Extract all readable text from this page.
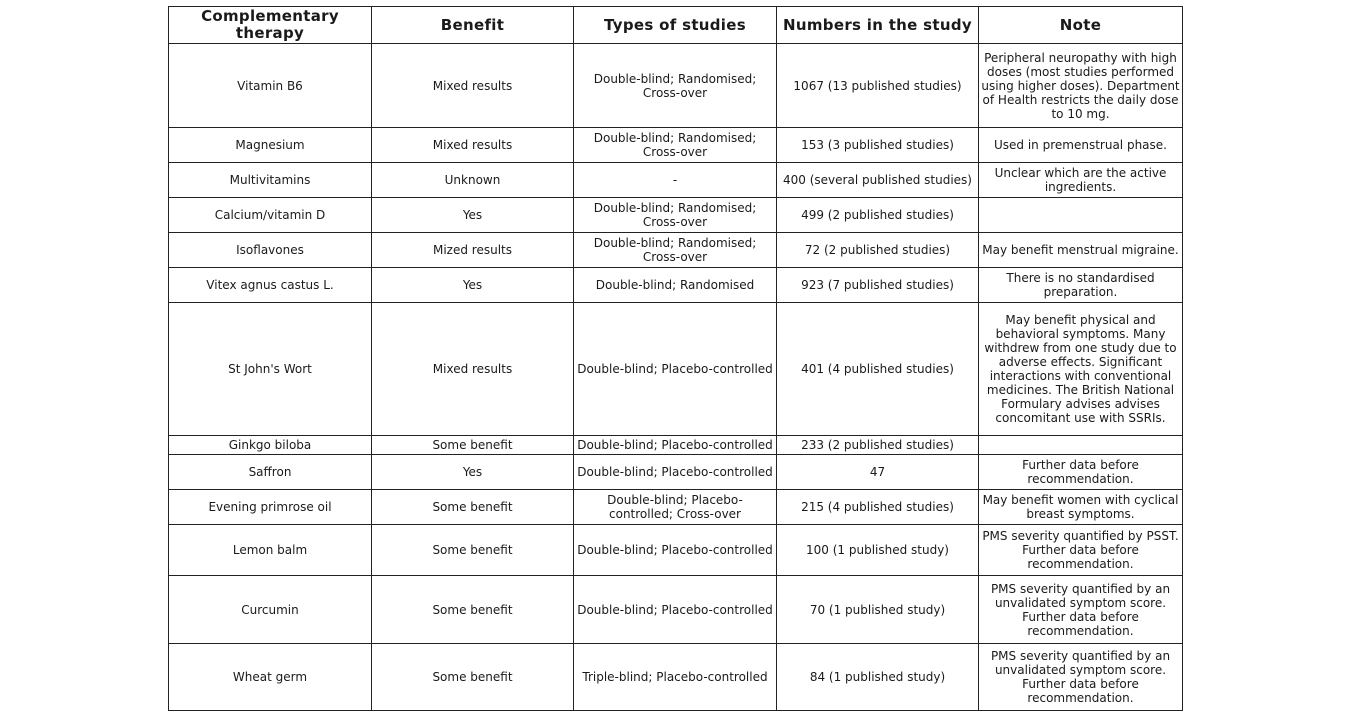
Complementary therapy	Benefit	Types of studies	Numbers in the study	Note
Vitamin B6	Mixed results	Double-blind; Randomised; Cross-over	1067 (13 published studies)	Peripheral neuropathy with high doses (most studies performed using higher doses). Department of Health restricts the daily dose to 10 mg.
Magnesium	Mixed results	Double-blind; Randomised; Cross-over	153 (3 published studies)	Used in premenstrual phase.
Multivitamins	Unknown	-	400 (several published studies)	Unclear which are the active ingredients.
Calcium/vitamin D	Yes	Double-blind; Randomised; Cross-over	499 (2 published studies)	
Isoflavones	Mized results	Double-blind; Randomised; Cross-over	72 (2 published studies)	May benefit menstrual migraine.
Vitex agnus castus L.	Yes	Double-blind; Randomised	923 (7 published studies)	There is no standardised preparation.
St John's Wort	Mixed results	Double-blind; Placebo-controlled	401 (4 published studies)	May benefit physical and behavioral symptoms. Many withdrew from one study due to adverse effects. Significant interactions with conventional medicines. The British National Formulary advises advises concomitant use with SSRIs.
Ginkgo biloba	Some benefit	Double-blind; Placebo-controlled	233 (2 published studies)	
Saffron	Yes	Double-blind; Placebo-controlled	47	Further data before recommendation.
Evening primrose oil	Some benefit	Double-blind; Placebo-controlled; Cross-over	215 (4 published studies)	May benefit women with cyclical breast symptoms.
Lemon balm	Some benefit	Double-blind; Placebo-controlled	100 (1 published study)	PMS severity quantified by PSST. Further data before recommendation.
Curcumin	Some benefit	Double-blind; Placebo-controlled	70 (1 published study)	PMS severity quantified by an unvalidated symptom score. Further data before recommendation.
Wheat germ	Some benefit	Triple-blind; Placebo-controlled	84 (1 published study)	PMS severity quantified by an unvalidated symptom score. Further data before recommendation.
